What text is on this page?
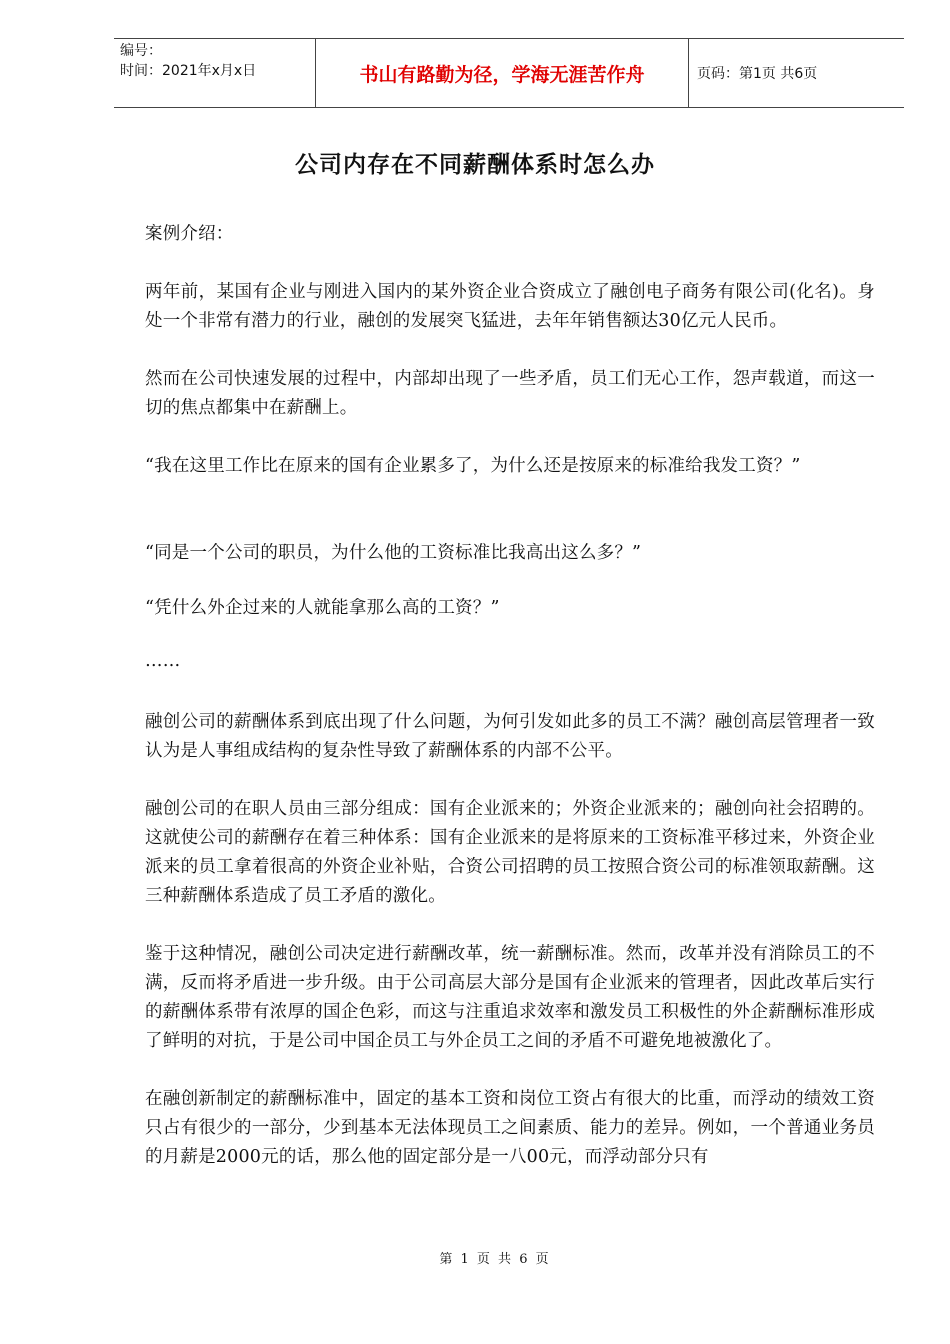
编号：
时间：2021年x月x日	书山有路勤为径，学海无涯苦作舟	页码：第1页 共6页
公司内存在不同薪酬体系时怎么办

案例介绍：

两年前，某国有企业与刚进入国内的某外资企业合资成立了融创电子商务有限公司(化名)。身处一个非常有潜力的行业，融创的发展突飞猛进，去年年销售额达30亿元人民币。

然而在公司快速发展的过程中，内部却出现了一些矛盾，员工们无心工作，怨声载道，而这一切的焦点都集中在薪酬上。

“我在这里工作比在原来的国有企业累多了，为什么还是按原来的标准给我发工资？”

“同是一个公司的职员，为什么他的工资标准比我高出这么多？”

“凭什么外企过来的人就能拿那么高的工资？”

……

融创公司的薪酬体系到底出现了什么问题，为何引发如此多的员工不满？融创高层管理者一致认为是人事组成结构的复杂性导致了薪酬体系的内部不公平。

融创公司的在职人员由三部分组成：国有企业派来的；外资企业派来的；融创向社会招聘的。这就使公司的薪酬存在着三种体系：国有企业派来的是将原来的工资标准平移过来，外资企业派来的员工拿着很高的外资企业补贴，合资公司招聘的员工按照合资公司的标准领取薪酬。这三种薪酬体系造成了员工矛盾的激化。

鉴于这种情况，融创公司决定进行薪酬改革，统一薪酬标准。然而，改革并没有消除员工的不满，反而将矛盾进一步升级。由于公司高层大部分是国有企业派来的管理者，因此改革后实行的薪酬体系带有浓厚的国企色彩，而这与注重追求效率和激发员工积极性的外企薪酬标准形成了鲜明的对抗，于是公司中国企员工与外企员工之间的矛盾不可避免地被激化了。

在融创新制定的薪酬标准中，固定的基本工资和岗位工资占有很大的比重，而浮动的绩效工资只占有很少的一部分，少到基本无法体现员工之间素质、能力的差异。例如，一个普通业务员的月薪是2000元的话，那么他的固定部分是一八00元，而浮动部分只有

第 1 页 共 6 页
